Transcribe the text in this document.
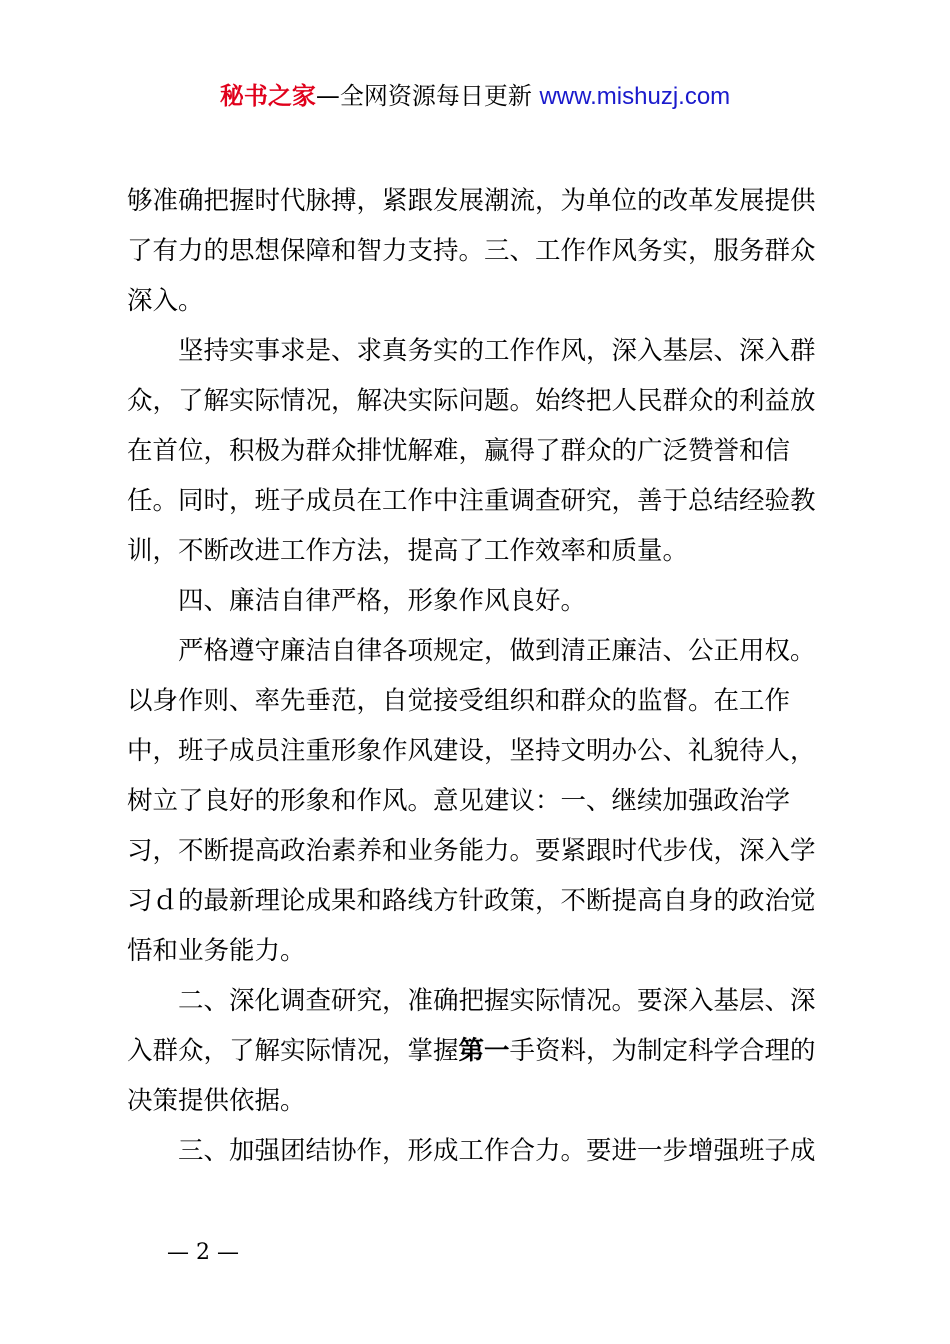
秘书之家—全网资源每日更新 www.mishuzj.com

够准确把握时代脉搏，紧跟发展潮流，为单位的改革发展提供了有力的思想保障和智力支持。三、工作作风务实，服务群众深入。

坚持实事求是、求真务实的工作作风，深入基层、深入群众，了解实际情况，解决实际问题。始终把人民群众的利益放在首位，积极为群众排忧解难，赢得了群众的广泛赞誉和信任。同时，班子成员在工作中注重调查研究，善于总结经验教训，不断改进工作方法，提高了工作效率和质量。

四、廉洁自律严格，形象作风良好。

严格遵守廉洁自律各项规定，做到清正廉洁、公正用权。以身作则、率先垂范，自觉接受组织和群众的监督。在工作中，班子成员注重形象作风建设，坚持文明办公、礼貌待人，树立了良好的形象和作风。意见建议：一、继续加强政治学习，不断提高政治素养和业务能力。要紧跟时代步伐，深入学习ｄ的最新理论成果和路线方针政策，不断提高自身的政治觉悟和业务能力。

二、深化调查研究，准确把握实际情况。要深入基层、深入群众，了解实际情况，掌握第一手资料，为制定科学合理的决策提供依据。

三、加强团结协作，形成工作合力。要进一步增强班子成

— 2 —
